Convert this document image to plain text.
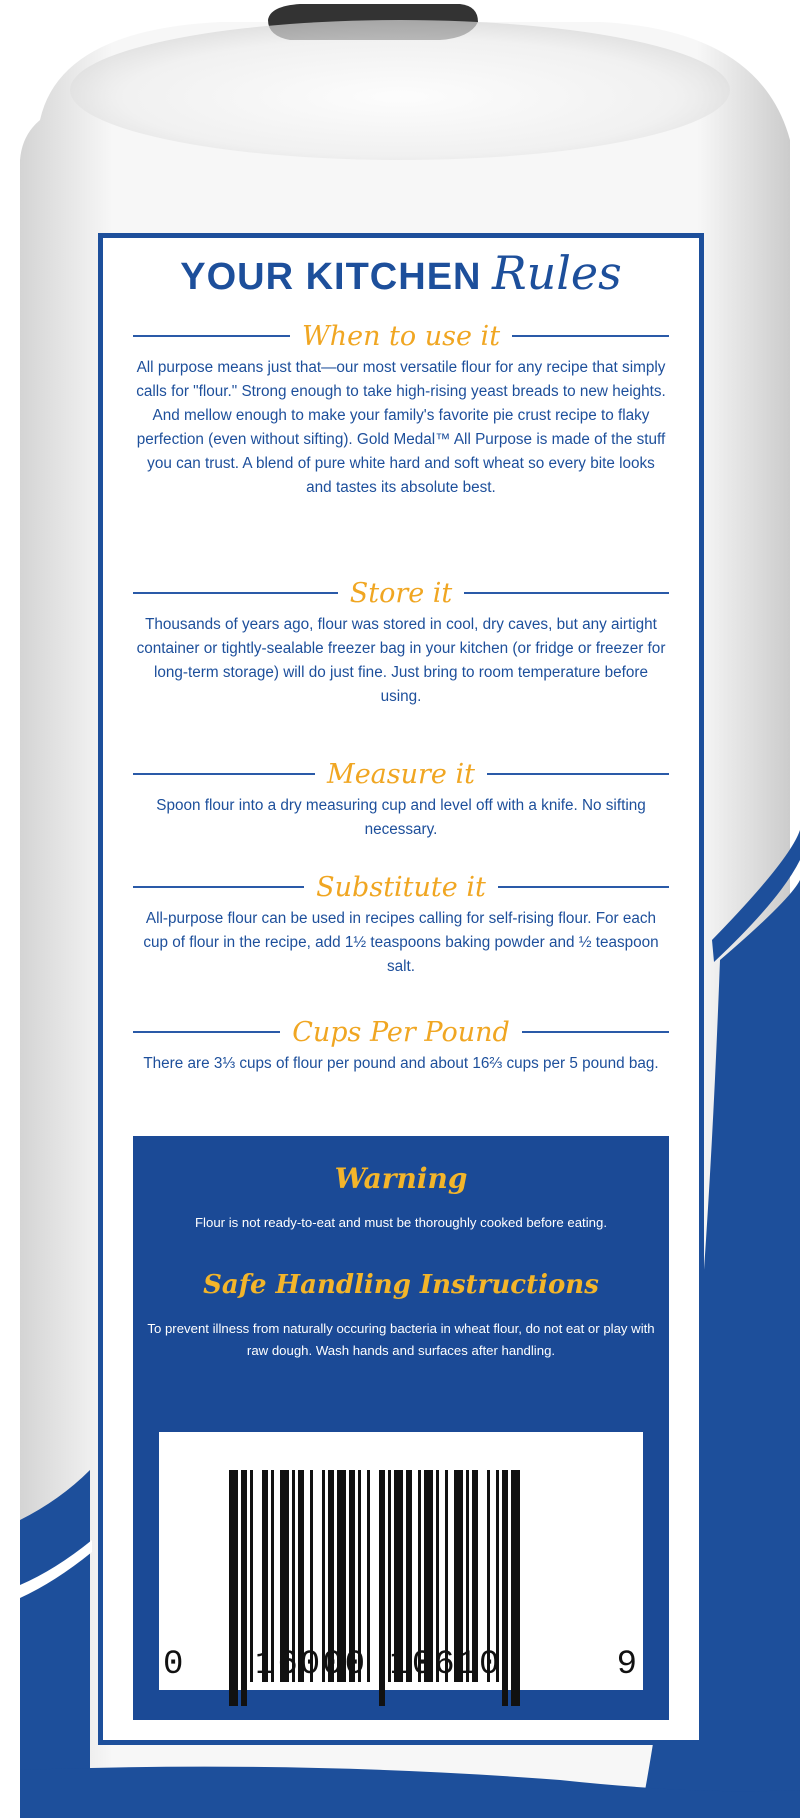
YOUR KITCHEN Rules
When to use it
All purpose means just that—our most versatile flour for any recipe that simply calls for "flour." Strong enough to take high-rising yeast breads to new heights. And mellow enough to make your family's favorite pie crust recipe to flaky perfection (even without sifting). Gold Medal™ All Purpose is made of the stuff you can trust. A blend of pure white hard and soft wheat so every bite looks and tastes its absolute best.
Store it
Thousands of years ago, flour was stored in cool, dry caves, but any airtight container or tightly-sealable freezer bag in your kitchen (or fridge or freezer for long-term storage) will do just fine. Just bring to room temperature before using.
Measure it
Spoon flour into a dry measuring cup and level off with a knife. No sifting necessary.
Substitute it
All-purpose flour can be used in recipes calling for self-rising flour. For each cup of flour in the recipe, add 1½ teaspoons baking powder and ½ teaspoon salt.
Cups Per Pound
There are 3⅓ cups of flour per pound and about 16⅔ cups per 5 pound bag.
Warning
Flour is not ready-to-eat and must be thoroughly cooked before eating.
Safe Handling Instructions
To prevent illness from naturally occuring bacteria in wheat flour, do not eat or play with raw dough. Wash hands and surfaces after handling.
0 16000 10610	9
